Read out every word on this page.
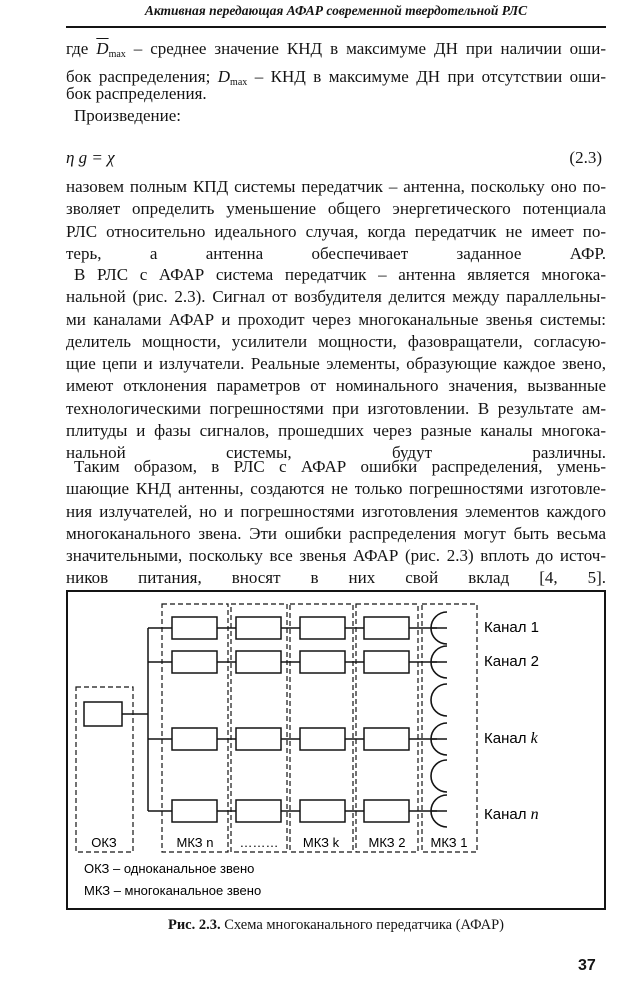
Активная передающая АФАР современной твердотельной РЛС
где $\overline{D}_{max}$ – среднее значение КНД в максимуме ДН при наличии оши-
бок распределения; $D_{max}$ – КНД в максимуме ДН при отсутствии оши-
бок распределения.
Произведение:
η g = χ	(2.3)
назовем полным КПД системы передатчик – антенна, поскольку оно по-
зволяет определить уменьшение общего энергетического потенциала
РЛС относительно идеального случая, когда передатчик не имеет по-
терь, а антенна обеспечивает заданное АФР.
В РЛС с АФАР система передатчик – антенна является многока-
нальной (рис. 2.3). Сигнал от возбудителя делится между параллельны-
ми каналами АФАР и проходит через многоканальные звенья системы:
делитель мощности, усилители мощности, фазовращатели, согласую-
щие цепи и излучатели. Реальные элементы, образующие каждое звено,
имеют отклонения параметров от номинального значения, вызванные
технологическими погрешностями при изготовлении. В результате ам-
плитуды и фазы сигналов, прошедших через разные каналы многока-
нальной системы, будут различны.
Таким образом, в РЛС с АФАР ошибки распределения, умень-
шающие КНД антенны, создаются не только погрешностями изготовле-
ния излучателей, но и погрешностями изготовления элементов каждого
многоканального звена. Эти ошибки распределения могут быть весьма
значительными, поскольку все звенья АФАР (рис. 2.3) вплоть до источ-
ников питания, вносят в них свой вклад [4, 5].
Канал 1
Канал 2
Канал k
Канал n
ОКЗ	МКЗ n ……… МКЗ k МКЗ 2 МКЗ 1
ОКЗ – одноканальное звено
МКЗ – многоканальное звено
Рис. 2.3. Схема многоканального передатчика (АФАР)
37
